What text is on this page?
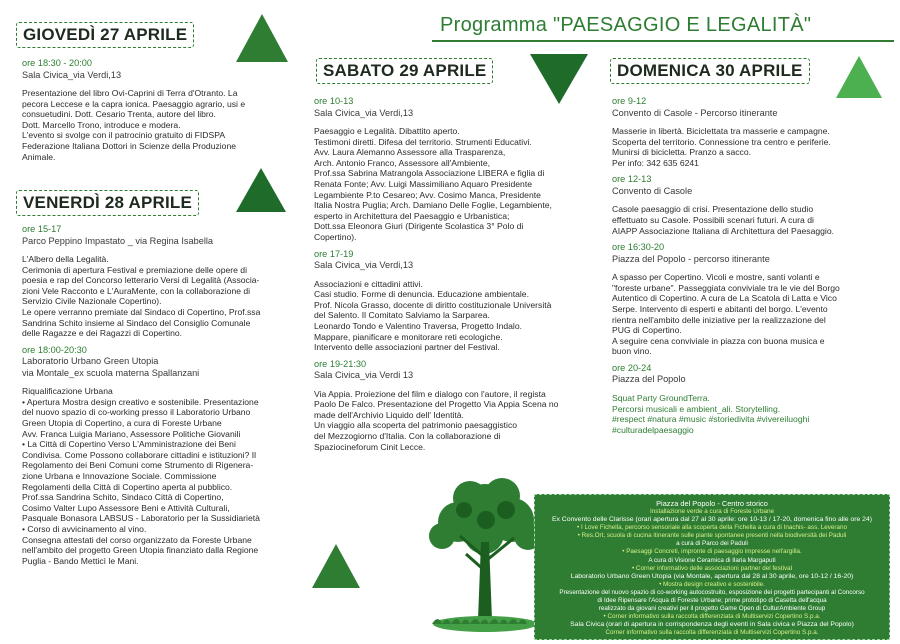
Programma "PAESAGGIO E LEGALITÀ"
GIOVEDÌ 27 APRILE
VENERDÌ 28 APRILE
SABATO 29 APRILE	DOMENICA 30 APRILE
ore 18:30 - 20:00
Sala Civica_via Verdi,13

Presentazione del libro Ovi-Caprini di Terra d'Otranto. La

pecora Leccese e la capra ionica. Paesaggio agrario, usi e

consuetudini. Dott. Cesario Trenta, autore del libro.

Dott. Marcello Trono, introduce e modera.

L'evento si svolge con il patrocinio gratuito di FIDSPA

Federazione Italiana Dottori in Scienze della Produzione

Animale.

ore 15-17
Parco Peppino Impastato _ via Regina Isabella

L'Albero della Legalità.

Cerimonia di apertura Festival e premiazione delle opere di

poesia e rap del Concorso letterario Versi di Legalità (Associa-

zioni Vele Racconto e L'AuraMente, con la collaborazione di

Servizio Civile Nazionale Copertino).

Le opere verranno premiate dal Sindaco di Copertino, Prof.ssa

Sandrina Schito insieme al Sindaco del Consiglio Comunale

delle Ragazze e dei Ragazzi di Copertino.

ore 18:00-20:30
Laboratorio Urbano Green Utopia
via Montale_ex scuola materna Spallanzani

Riqualificazione Urbana

• Apertura Mostra design creativo e sostenibile. Presentazione

del nuovo spazio di co-working presso il Laboratorio Urbano

Green Utopia di Copertino, a cura di Foreste Urbane

Avv. Franca Luigia Mariano, Assessore Politiche Giovanili

• La Città di Copertino Verso L'Amministrazione dei Beni

Condivisa. Come Possono collaborare cittadini e istituzioni? Il

Regolamento dei Beni Comuni come Strumento di Rigenera-

zione Urbana e Innovazione Sociale. Commissione

Regolamenti della Città di Copertino aperta al pubblico.

Prof.ssa Sandrina Schito, Sindaco Città di Copertino,

Cosimo Valter Lupo Assessore Beni e Attività Culturali,

Pasquale Bonasora LABSUS - Laboratorio per la Sussidiarietà

• Corso di avvicinamento al vino.

Consegna attestati del corso organizzato da Foreste Urbane

nell'ambito del progetto Green Utopia finanziato dalla Regione

Puglia - Bando Metticì le Mani.

ore 10-13
Sala Civica_via Verdi,13

Paesaggio e Legalità. Dibattito aperto.

Testimoni diretti. Difesa del territorio. Strumenti Educativi.

Avv. Laura Alemanno Assessore alla Trasparenza,

Arch. Antonio Franco, Assessore all'Ambiente,

Prof.ssa Sabrina Matrangola Associazione LIBERA e figlia di

Renata Fonte; Avv. Luigi Massimiliano Aquaro Presidente

Legambiente P.to Cesareo; Avv. Cosimo Manca, Presidente

Italia Nostra Puglia; Arch. Damiano Delle Foglie, Legambiente,

esperto in Architettura del Paesaggio e Urbanistica;

Dott.ssa Eleonora Giuri (Dirigente Scolastica 3° Polo di

Copertino).

ore 17-19
Sala Civica_via Verdi,13

Associazioni e cittadini attivi.

Casi studio. Forme di denuncia. Educazione ambientale.

Prof. Nicola Grasso, docente di diritto costituzionale Università

del Salento. Il Comitato Salviamo la Sarparea.

Leonardo Tondo e Valentino Traversa, Progetto Indalo.

Mappare, pianificare e monitorare reti ecologiche.

Intervento delle associazioni partner del Festival.

ore 19-21:30
Sala Civica_via Verdi 13

Via Appia. Proiezione del film e dialogo con l'autore, il regista

Paolo De Falco. Presentazione del Progetto Via Appia Scena no

made dell'Archivio Liquido dell' Identità.

Un viaggio alla scoperta del patrimonio paesaggistico

del Mezzogiorno d'Italia. Con la collaborazione di

Spaziocineforum Cinit Lecce.

ore 9-12
Convento di Casole - Percorso itinerante

Masserie in libertà. Biciclettata tra masserie e campagne.

Scoperta del territorio. Connessione tra centro e periferie.

Munirsi di bicicletta. Pranzo a sacco.

Per info: 342 635 6241

ore 12-13
Convento di Casole

Casole paesaggio di crisi. Presentazione dello studio

effettuato su Casole. Possibili scenari futuri. A cura di

AIAPP Associazione Italiana di Architettura del Paesaggio.

ore 16:30-20
Piazza del Popolo - percorso itinerante

A spasso per Copertino. Vicoli e mostre, santi volanti e

"foreste urbane". Passeggiata conviviale tra le vie del Borgo

Autentico di Copertino. A cura de La Scatola di Latta e Vico

Serpe. Intervento di esperti e abitanti del borgo. L'evento

rientra nell'ambito delle iniziative per la realizzazione del

PUG di Copertino.

A seguire cena conviviale in piazza con buona musica e

buon vino.

ore 20-24
Piazza del Popolo

Squat Party GroundTerra.

Percorsi musicali e ambient_ali. Storytelling.

#respect #natura #music #storiedivita #vivereiluoghi

#culturadelpaesaggio

Piazza del Popolo - Centro storico

Installazione verde a cura di Foreste Urbane

Ex Convento delle Clarisse (orari apertura dal 27 al 30 aprile: ore 10-13 / 17-20, domenica fino alle ore 24)

• I Love Fichella, percorso sensoriale alla scoperta della Fichella a cura di Inachis- ass. Leverano

• Res.Ort, scuola di cucina itinerante sulle piante spontanee presenti nella biodiversità dei Paduli

a cura di Parco dei Paduli

• Paesaggi Concreti, impronte di paesaggio impresse nell'argilla.

A cura di Visione Ceramica di Ilaria Margaputi

• Corner informativo delle associazioni partner del festival

Laboratorio Urbano Green Utopia (via Montale, apertura dal 28 al 30 aprile, ore 10-12 / 16-20)

• Mostra design creativo e sostenibile.

Presentazione del nuovo spazio di co-working autocostruito, esposizione dei progetti partecipanti al Concorso

di Idee Ripensare l'Acqua di Foreste Urbane; prime prototipo di Casetta dell'acqua

realizzato da giovani creativi per il progetto Game Open di CulturAmbiente Group

• Corner informativo sulla raccolta differenziata di Multiservizi Copertino S.p.a.

Sala Civica (orari di apertura in corrispondenza degli eventi in Sala civica e Piazza del Popolo)

Corner informativo sulla raccolta differenziata di Multiservizi Copertino S.p.a.
